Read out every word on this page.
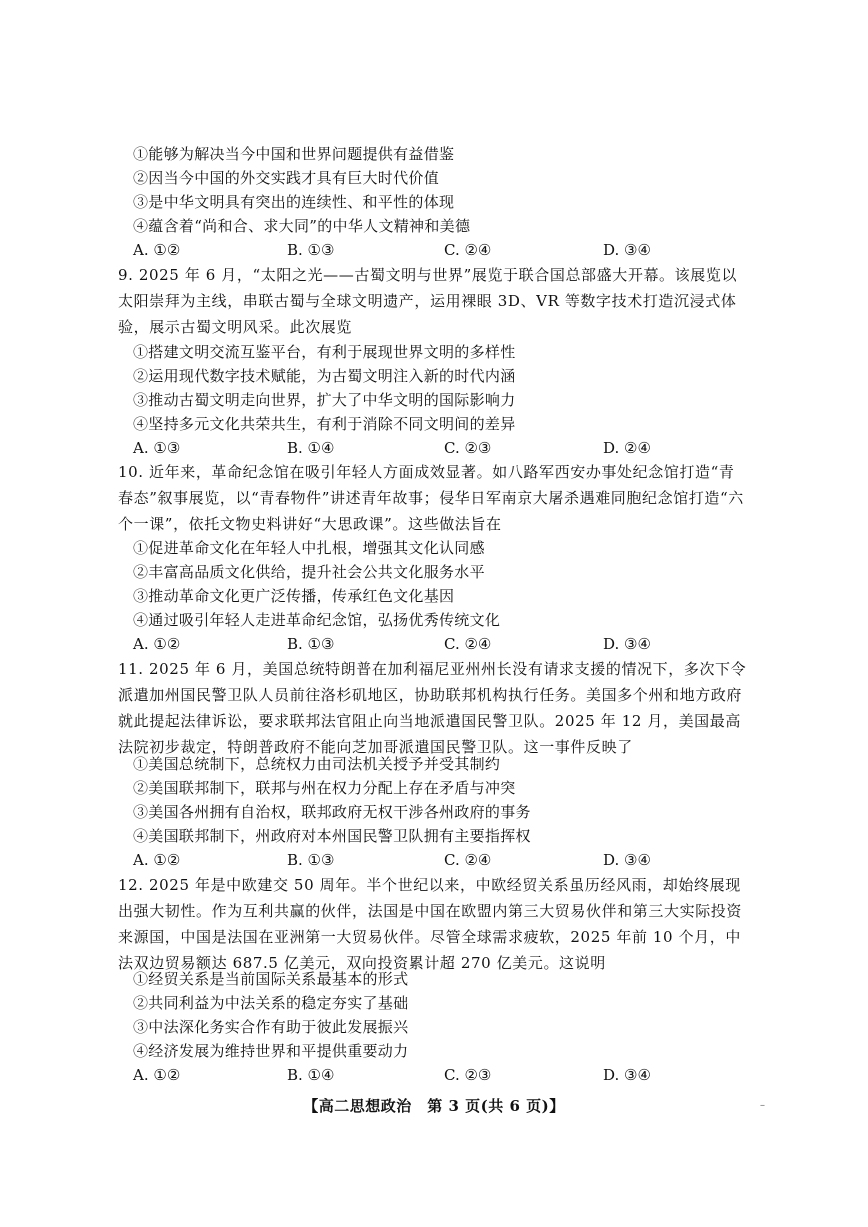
①能够为解决当今中国和世界问题提供有益借鉴
②因当今中国的外交实践才具有巨大时代价值
③是中华文明具有突出的连续性、和平性的体现
④蕴含着“尚和合、求大同”的中华人文精神和美德
A. ①②	B. ①③	C. ②④	D. ③④
9. 2025 年 6 月，“太阳之光——古蜀文明与世界”展览于联合国总部盛大开幕。该展览以太阳崇拜为主线，串联古蜀与全球文明遗产，运用裸眼 3D、VR 等数字技术打造沉浸式体验，展示古蜀文明风采。此次展览
①搭建文明交流互鉴平台，有利于展现世界文明的多样性
②运用现代数字技术赋能，为古蜀文明注入新的时代内涵
③推动古蜀文明走向世界，扩大了中华文明的国际影响力
④坚持多元文化共荣共生，有利于消除不同文明间的差异
A. ①③	B. ①④	C. ②③	D. ②④
10. 近年来，革命纪念馆在吸引年轻人方面成效显著。如八路军西安办事处纪念馆打造“青春态”叙事展览，以“青春物件”讲述青年故事；侵华日军南京大屠杀遇难同胞纪念馆打造“六个一课”，依托文物史料讲好“大思政课”。这些做法旨在
①促进革命文化在年轻人中扎根，增强其文化认同感
②丰富高品质文化供给，提升社会公共文化服务水平
③推动革命文化更广泛传播，传承红色文化基因
④通过吸引年轻人走进革命纪念馆，弘扬优秀传统文化
A. ①②	B. ①③	C. ②④	D. ③④
11. 2025 年 6 月，美国总统特朗普在加利福尼亚州州长没有请求支援的情况下，多次下令派遣加州国民警卫队人员前往洛杉矶地区，协助联邦机构执行任务。美国多个州和地方政府就此提起法律诉讼，要求联邦法官阻止向当地派遣国民警卫队。2025 年 12 月，美国最高法院初步裁定，特朗普政府不能向芝加哥派遣国民警卫队。这一事件反映了
①美国总统制下，总统权力由司法机关授予并受其制约
②美国联邦制下，联邦与州在权力分配上存在矛盾与冲突
③美国各州拥有自治权，联邦政府无权干涉各州政府的事务
④美国联邦制下，州政府对本州国民警卫队拥有主要指挥权
A. ①②	B. ①③	C. ②④	D. ③④
12. 2025 年是中欧建交 50 周年。半个世纪以来，中欧经贸关系虽历经风雨，却始终展现出强大韧性。作为互利共赢的伙伴，法国是中国在欧盟内第三大贸易伙伴和第三大实际投资来源国，中国是法国在亚洲第一大贸易伙伴。尽管全球需求疲软，2025 年前 10 个月，中法双边贸易额达 687.5 亿美元，双向投资累计超 270 亿美元。这说明
①经贸关系是当前国际关系最基本的形式
②共同利益为中法关系的稳定夯实了基础
③中法深化务实合作有助于彼此发展振兴
④经济发展为维持世界和平提供重要动力
A. ①②	B. ①④	C. ②③	D. ③④
【高二思想政治　第 3 页(共 6 页)】	–
